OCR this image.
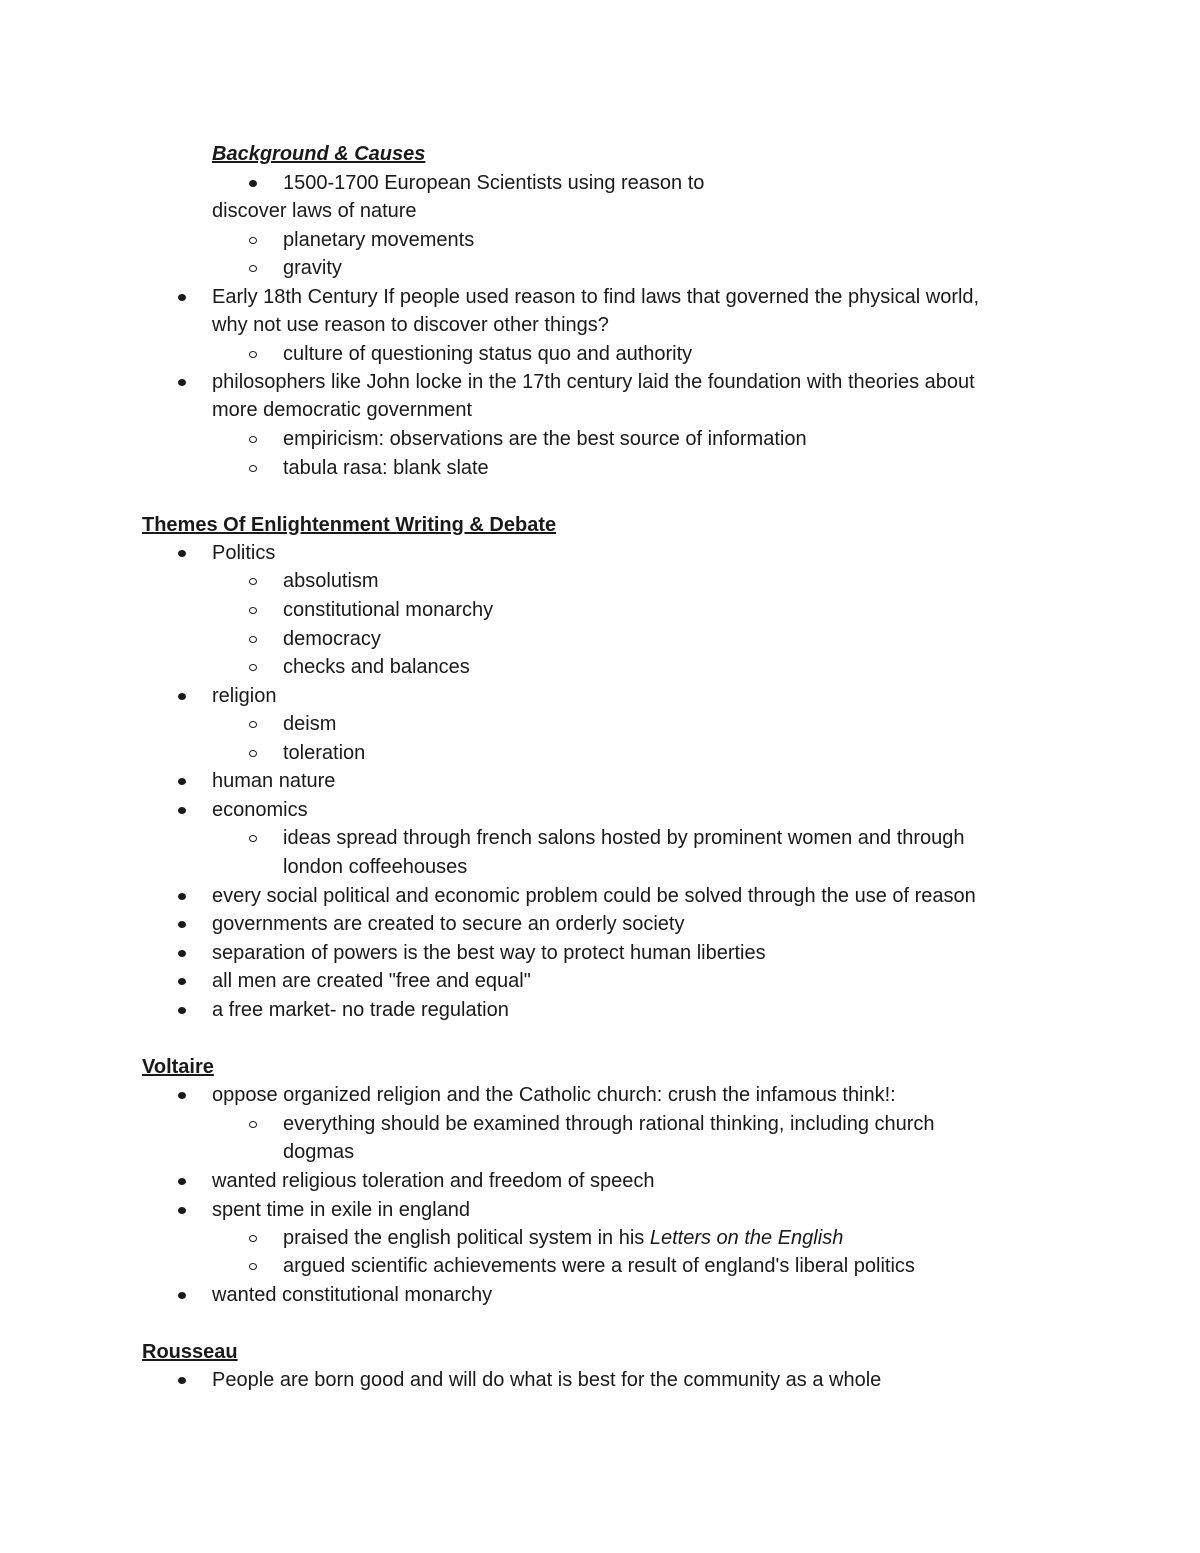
Background & Causes
1500-1700 European Scientists using reason to
discover laws of nature
planetary movements
gravity
Early 18th Century If people used reason to find laws that governed the physical world,
why not use reason to discover other things?
culture of questioning status quo and authority
philosophers like John locke in the 17th century laid the foundation with theories about
more democratic government
empiricism: observations are the best source of information
tabula rasa: blank slate
Themes Of Enlightenment Writing & Debate
Politics
absolutism
constitutional monarchy
democracy
checks and balances
religion
deism
toleration
human nature
economics
ideas spread through french salons hosted by prominent women and through
london coffeehouses
every social political and economic problem could be solved through the use of reason
governments are created to secure an orderly society
separation of powers is the best way to protect human liberties
all men are created "free and equal"
a free market- no trade regulation
Voltaire
oppose organized religion and the Catholic church: crush the infamous think!:
everything should be examined through rational thinking, including church
dogmas
wanted religious toleration and freedom of speech
spent time in exile in england
praised the english political system in his Letters on the English
argued scientific achievements were a result of england's liberal politics
wanted constitutional monarchy
Rousseau
People are born good and will do what is best for the community as a whole
